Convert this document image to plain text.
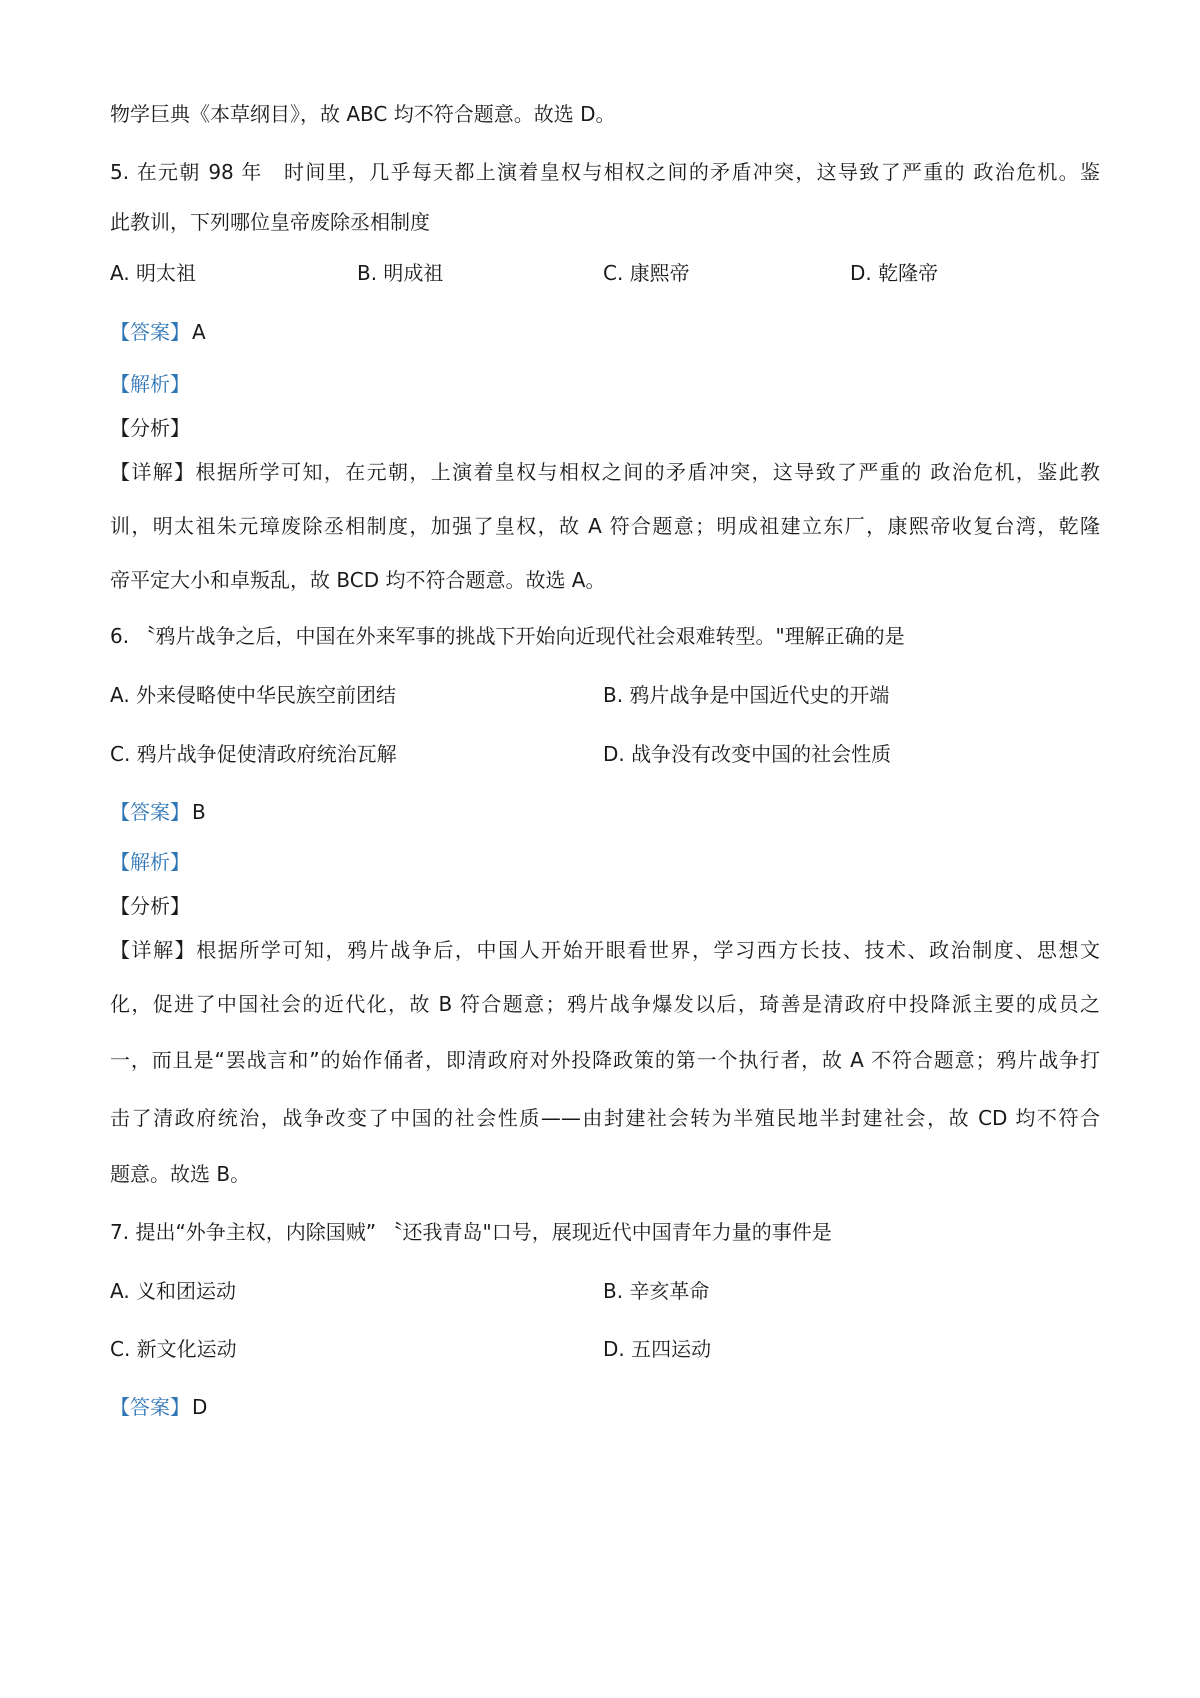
物学巨典《本草纲目》，故 ABC 均不符合题意。故选 D。
5. 在元朝 98 年　时间里，几乎每天都上演着皇权与相权之间的矛盾冲突，这导致了严重的 政治危机。鉴
此教训，下列哪位皇帝废除丞相制度
A. 明太祖	B. 明成祖	C. 康熙帝	D. 乾隆帝
【答案】 A
【解析】
【分析】
【详解】根据所学可知，在元朝，上演着皇权与相权之间的矛盾冲突，这导致了严重的 政治危机，鉴此教
训，明太祖朱元璋废除丞相制度，加强了皇权，故 A 符合题意；明成祖建立东厂，康熙帝收复台湾，乾隆
帝平定大小和卓叛乱，故 BCD 均不符合题意。故选 A。
6. 〝鸦片战争之后，中国在外来军事的挑战下开始向近现代社会艰难转型。"理解正确的是
A. 外来侵略使中华民族空前团结	B. 鸦片战争是中国近代史的开端
C. 鸦片战争促使清政府统治瓦解	D. 战争没有改变中国的社会性质
【答案】 B
【解析】
【分析】
【详解】根据所学可知，鸦片战争后，中国人开始开眼看世界，学习西方长技、技术、政治制度、思想文
化，促进了中国社会的近代化，故 B 符合题意；鸦片战争爆发以后，琦善是清政府中投降派主要的成员之
一，而且是“罢战言和”的始作俑者，即清政府对外投降政策的第一个执行者，故 A 不符合题意；鸦片战争打
击了清政府统治，战争改变了中国的社会性质——由封建社会转为半殖民地半封建社会，故 CD 均不符合
题意。故选 B。
7. 提出“外争主权，内除国贼” 〝还我青岛"口号，展现近代中国青年力量的事件是
A. 义和团运动	B. 辛亥革命
C. 新文化运动	D. 五四运动
【答案】 D
